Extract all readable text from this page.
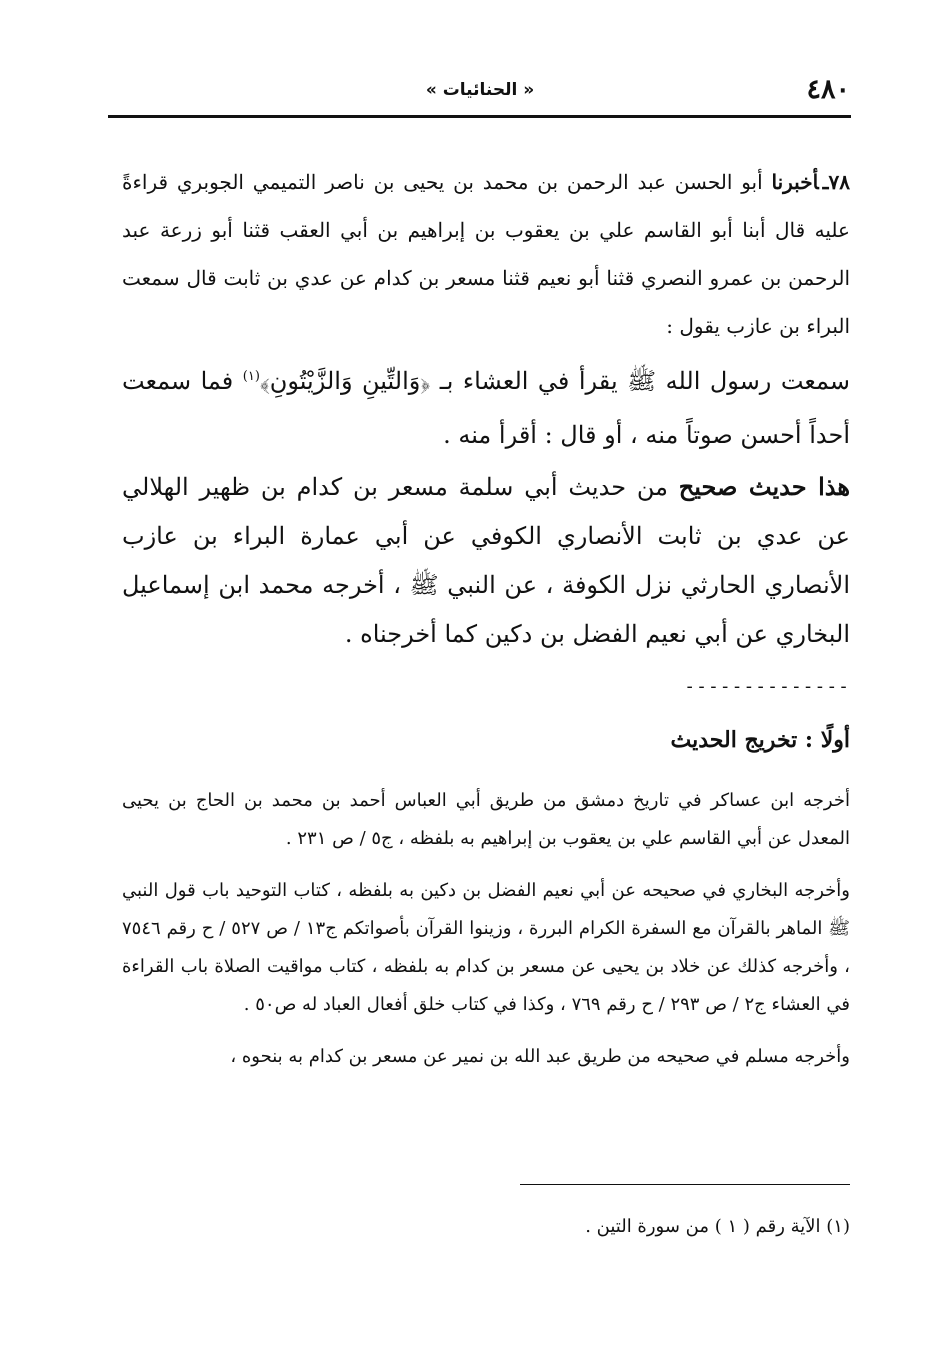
٤٨٠
« الحنائيات »

٧٨ـأخبرنا أبو الحسن عبد الرحمن بن محمد بن يحيى بن ناصر التميمي الجوبري قراءةً عليه قال أبنا أبو القاسم علي بن يعقوب بن إبراهيم بن أبي العقب قثنا أبو زرعة عبد الرحمن بن عمرو النصري قثنا أبو نعيم قثنا مسعر بن كدام عن عدي بن ثابت قال سمعت البراء بن عازب يقول :

سمعت رسول الله ﷺ يقرأ في العشاء بـ ﴿وَالتِّينِ وَالزَّيْتُونِ﴾$^{(١)}$ فما سمعت أحداً أحسن صوتاً منه ، أو قال : أقرأ منه .

هذا حديث صحيح من حديث أبي سلمة مسعر بن كدام بن ظهير الهلالي عن عدي بن ثابت الأنصاري الكوفي عن أبي عمارة البراء بن عازب الأنصاري الحارثي نزل الكوفة ، عن النبي ﷺ ، أخرجه محمد ابن إسماعيل البخاري عن أبي نعيم الفضل بن دكين كما أخرجناه .

--------------
أولًا : تخريج الحديث

أخرجه ابن عساكر في تاريخ دمشق من طريق أبي العباس أحمد بن محمد بن الحاج بن يحيى المعدل عن أبي القاسم علي بن يعقوب بن إبراهيم به بلفظه ، ج٥ / ص ٢٣١ .

وأخرجه البخاري في صحيحه عن أبي نعيم الفضل بن دكين به بلفظه ، كتاب التوحيد باب قول النبي ﷺ الماهر بالقرآن مع السفرة الكرام البررة ، وزينوا القرآن بأصواتكم ج١٣ / ص ٥٢٧ / ح رقم ٧٥٤٦ ، وأخرجه كذلك عن خلاد بن يحيى عن مسعر بن كدام به بلفظه ، كتاب مواقيت الصلاة باب القراءة في العشاء ج٢ / ص ٢٩٣ / ح رقم ٧٦٩ ، وكذا في كتاب خلق أفعال العباد له ص٥٠ .

وأخرجه مسلم في صحيحه من طريق عبد الله بن نمير عن مسعر بن كدام به بنحوه ،

(١) الآية رقم ( ١ ) من سورة التين .
